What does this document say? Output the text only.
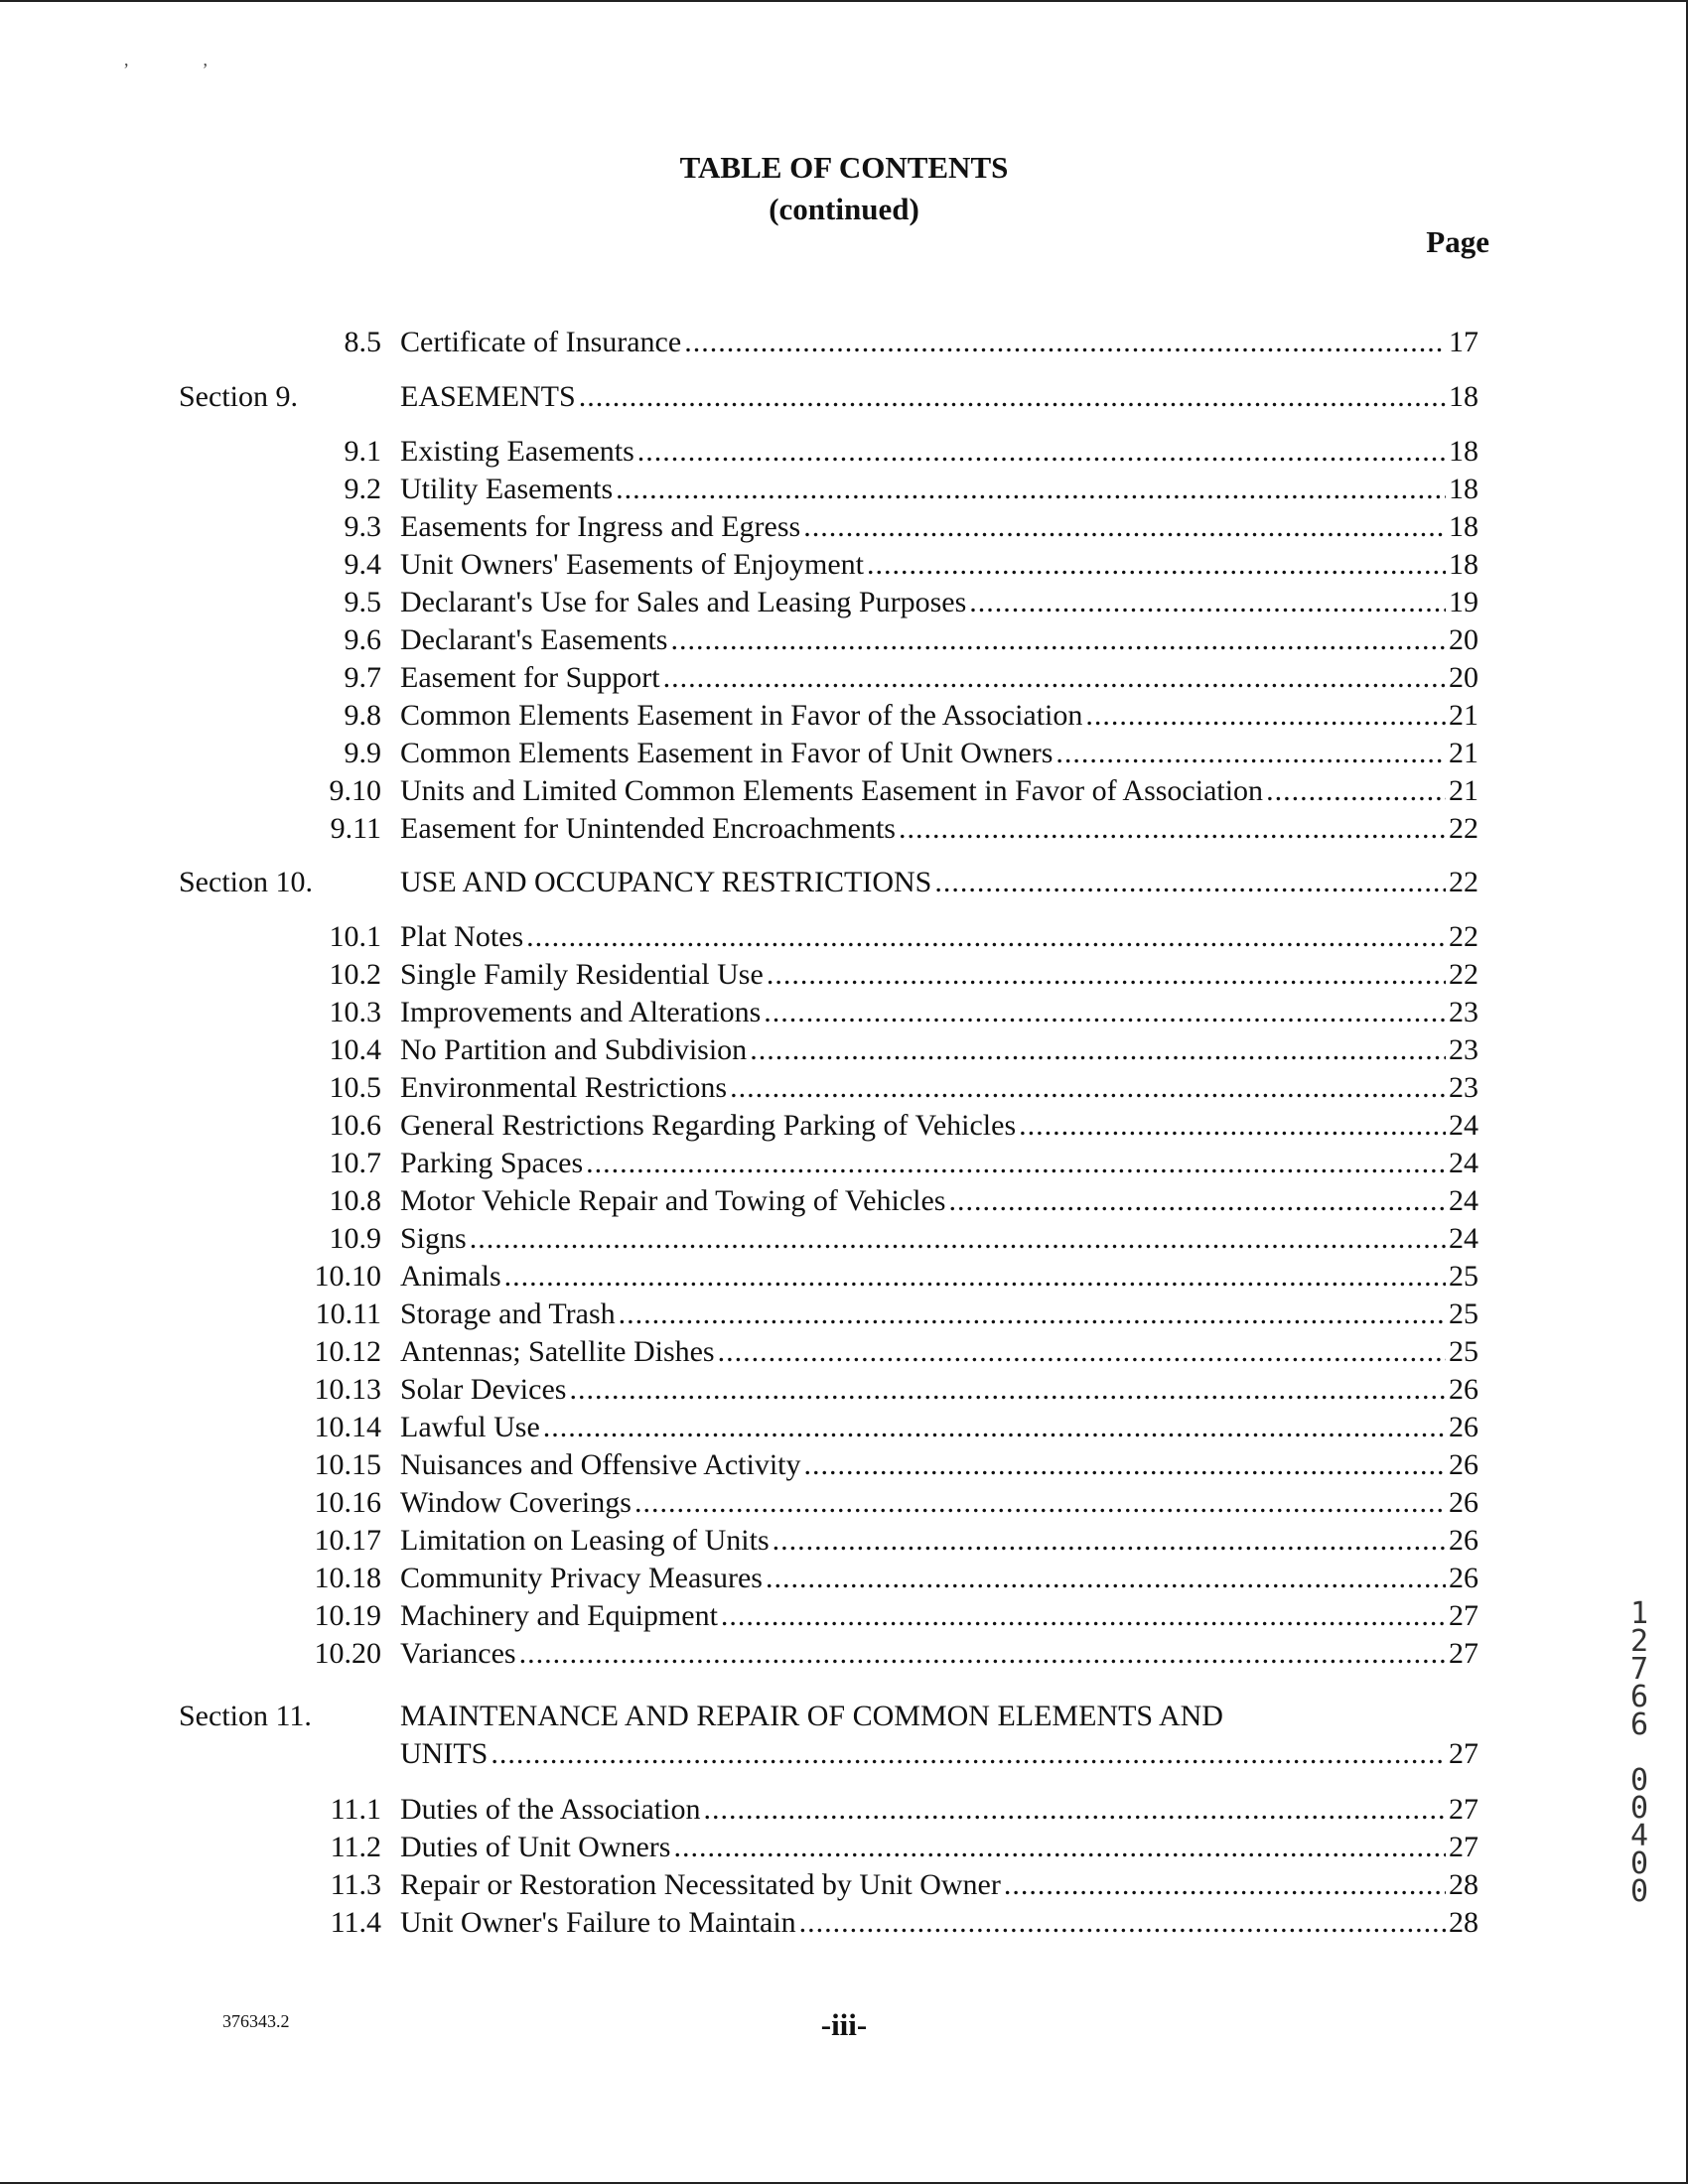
,	,
TABLE OF CONTENTS
(continued)
Page
8.5 Certificate of Insurance .....	17
Section 9.	EASEMENTS .....	18
9.1 Existing Easements .....	18
9.2 Utility Easements .....	18
9.3 Easements for Ingress and Egress .....	18
9.4 Unit Owners' Easements of Enjoyment .....	18
9.5 Declarant's Use for Sales and Leasing Purposes .....	19
9.6 Declarant's Easements .....	20
9.7 Easement for Support .....	20
9.8 Common Elements Easement in Favor of the Association .....	21
9.9 Common Elements Easement in Favor of Unit Owners .....	21
9.10 Units and Limited Common Elements Easement in Favor of Association .....	21
9.11 Easement for Unintended Encroachments .....	22
Section 10.	USE AND OCCUPANCY RESTRICTIONS .....	22
10.1 Plat Notes .....	22
10.2 Single Family Residential Use .....	22
10.3 Improvements and Alterations .....	23
10.4 No Partition and Subdivision .....	23
10.5 Environmental Restrictions .....	23
10.6 General Restrictions Regarding Parking of Vehicles .....	24
10.7 Parking Spaces .....	24
10.8 Motor Vehicle Repair and Towing of Vehicles .....	24
10.9 Signs .....	24
10.10 Animals .....	25
10.11 Storage and Trash .....	25
10.12 Antennas; Satellite Dishes .....	25
10.13 Solar Devices .....	26
10.14 Lawful Use .....	26
10.15 Nuisances and Offensive Activity .....	26
10.16 Window Coverings .....	26
10.17 Limitation on Leasing of Units .....	26
10.18 Community Privacy Measures .....	26
10.19 Machinery and Equipment .....	27
10.20 Variances .....	27
Section 11.	MAINTENANCE AND REPAIR OF COMMON ELEMENTS AND
UNITS .....	27
11.1 Duties of the Association .....	27
11.2 Duties of Unit Owners .....	27
11.3 Repair or Restoration Necessitated by Unit Owner .....	28
11.4 Unit Owner's Failure to Maintain .....	28
376343.2	-iii-
12766
00400
